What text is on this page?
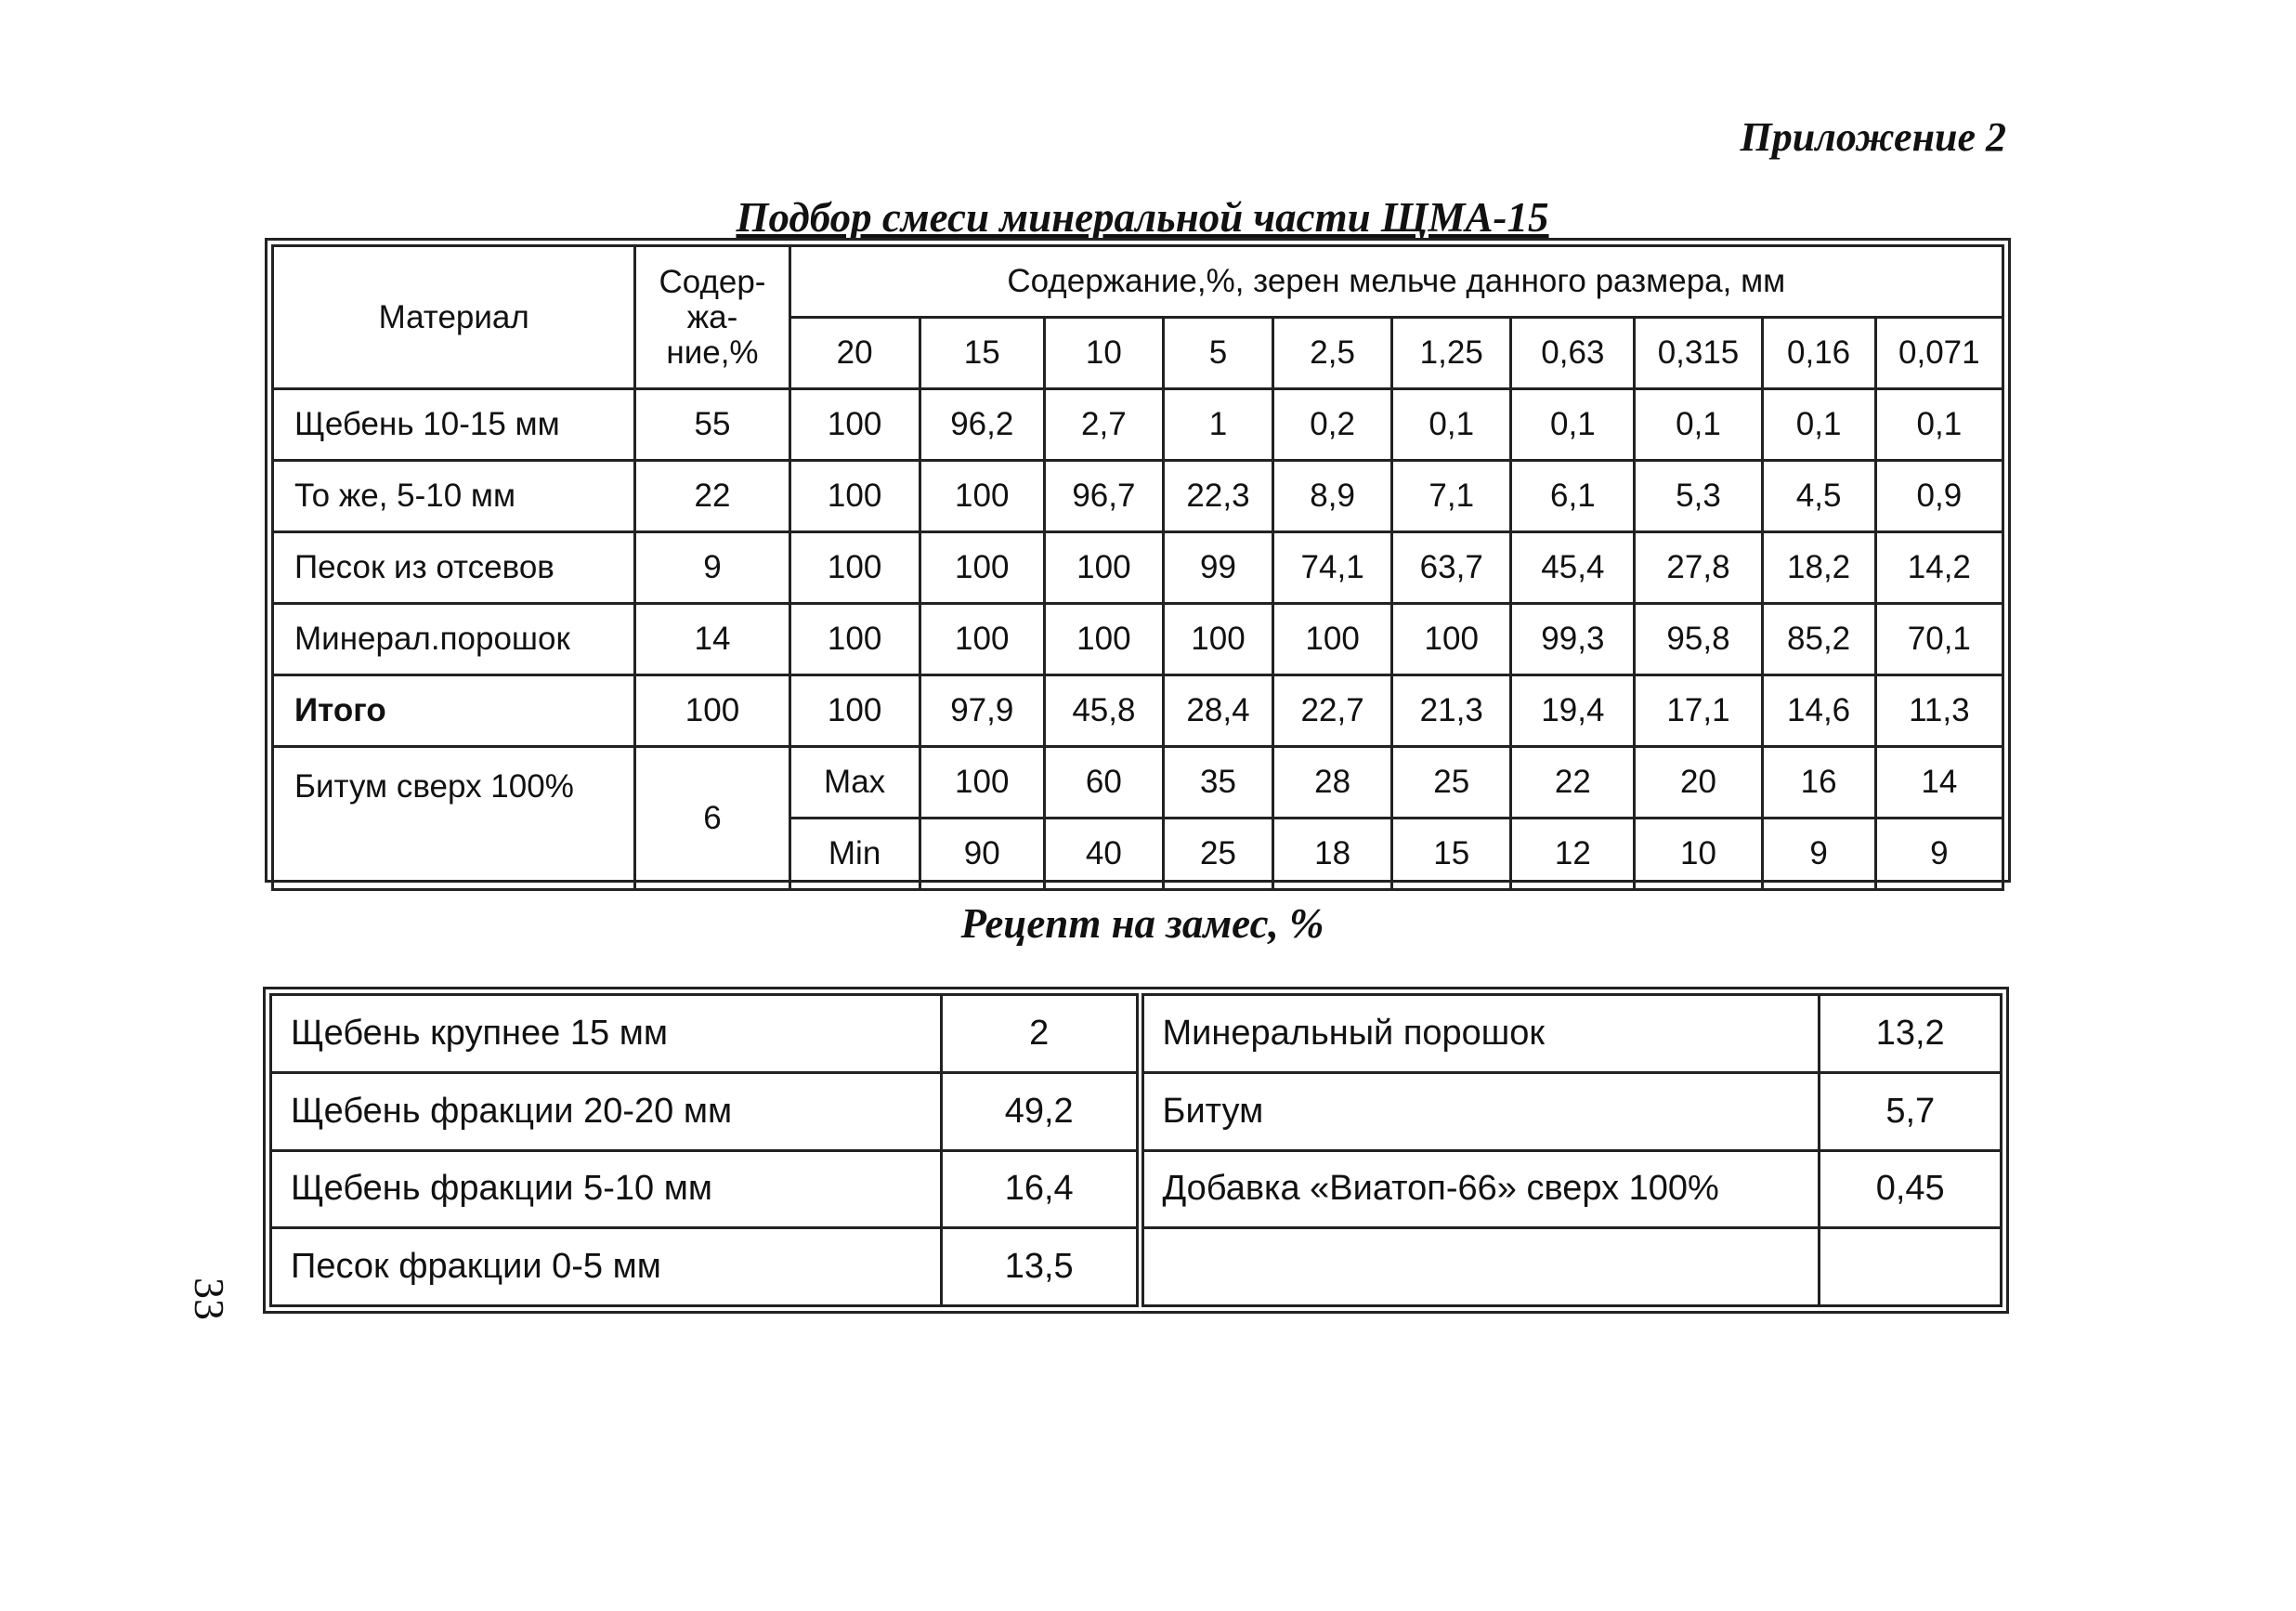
Приложение 2
Подбор смеси минеральной части ЩМА-15
Материал	Содер-
жа-
ние,%	Содержание,%, зерен мельче данного размера, мм									
		20	15	10	5	2,5	1,25	0,63	0,315	0,16	0,071
Щебень 10-15 мм	55	100	96,2	2,7	1	0,2	0,1	0,1	0,1	0,1	0,1
То же, 5-10 мм	22	100	100	96,7	22,3	8,9	7,1	6,1	5,3	4,5	0,9
Песок из отсевов	9	100	100	100	99	74,1	63,7	45,4	27,8	18,2	14,2
Минерал.порошок	14	100	100	100	100	100	100	99,3	95,8	85,2	70,1
Итого	100	100	97,9	45,8	28,4	22,7	21,3	19,4	17,1	14,6	11,3
Битум сверх 100%	6	Max	100	60	35	28	25	22	20	16	14
		Min	90	40	25	18	15	12	10	9	9
Рецепт на замес, %
Щебень крупнее 15 мм	2	Минеральный порошок	13,2
Щебень фракции 20-20 мм	49,2	Битум	5,7
Щебень фракции 5-10 мм	16,4	Добавка «Виатоп-66» сверх 100%	0,45
Песок фракции 0-5 мм	13,5		
33
